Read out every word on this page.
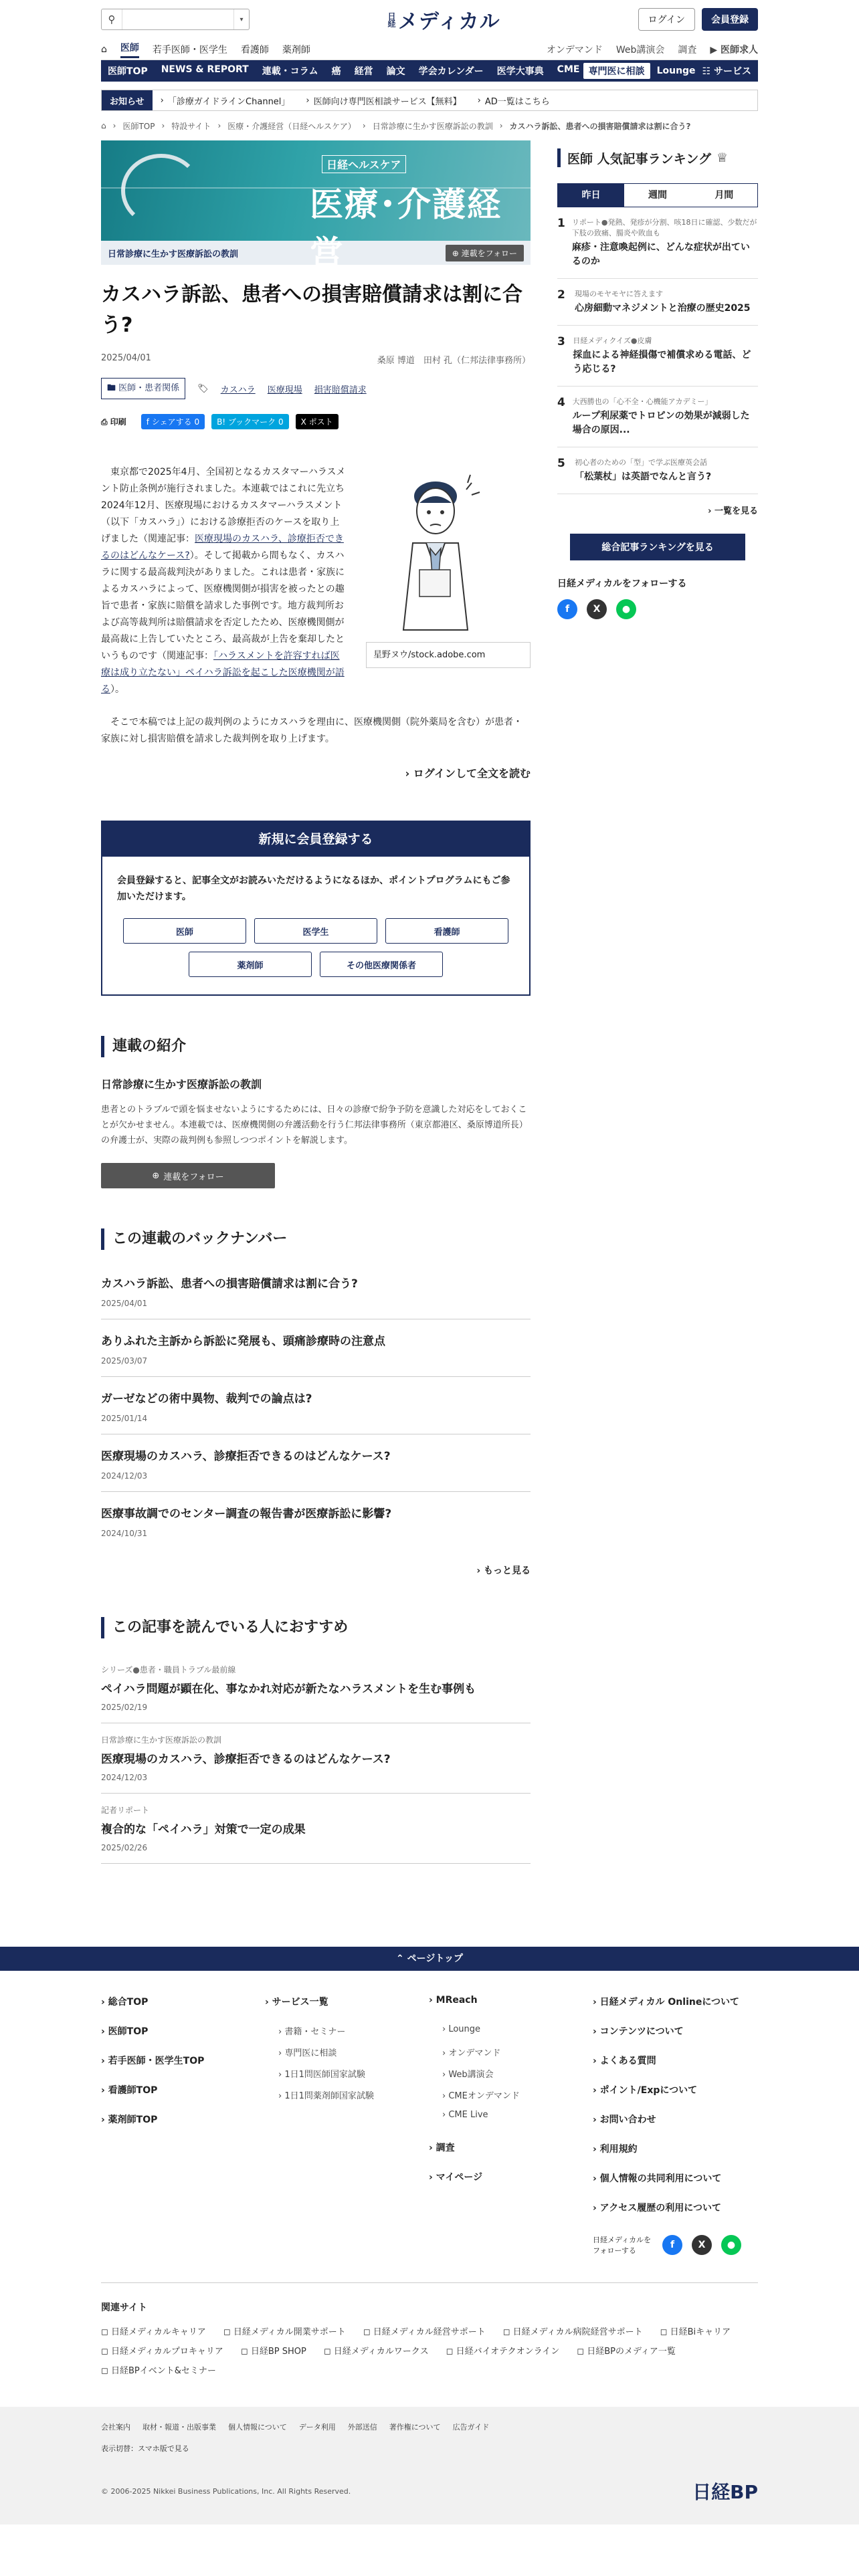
⚲	▾	日経 メディカル	ログイン	会員登録
⌂ 医師 若手医師・医学生 看護師 薬剤師	オンデマンド Web講演会 調査 ▶ 医師求人
医師TOP NEWS & REPORT 連載・コラム 癌 経営 論文 学会カレンダー 医学大事典 CME 専門医に相談	Lounge ☷ サービス
お知らせ	› 「診療ガイドラインChannel」	› 医師向け専門医相談サービス【無料】	› AD一覧はこちら
⌂ › 医師TOP › 特設サイト › 医療・介護経営（日経ヘルスケア） › 日常診療に生かす医療訴訟の教訓 › カスハラ訴訟、患者への損害賠償請求は割に合う?
日経ヘルスケア
医療･介護経営
日常診療に生かす医療訴訟の教訓	⊕ 連載をフォロー
カスハラ訴訟、患者への損害賠償請求は割に合う?
2025/04/01	桑原 博道　田村 孔（仁邦法律事務所）
🖿 医師・患者関係	🏷 カスハラ 医療現場 損害賠償請求
⎙ 印刷	f シェアする 0	B! ブックマーク 0	X ポスト
星野ヌウ/stock.adobe.com

東京都で2025年4月、全国初となるカスタマーハラスメント防止条例が施行されました。本連載ではこれに先立ち2024年12月、医療現場におけるカスタマーハラスメント（以下「カスハラ」）における診療拒否のケースを取り上げました（関連記事：医療現場のカスハラ、診療拒否できるのはどんなケース?）。そして掲載から間もなく、カスハラに関する最高裁判決がありました。これは患者・家族によるカスハラによって、医療機関側が損害を被ったとの趣旨で患者・家族に賠償を請求した事例です。地方裁判所および高等裁判所は賠償請求を否定したため、医療機関側が最高裁に上告していたところ、最高裁が上告を棄却したというものです（関連記事：「ハラスメントを許容すれば医療は成り立たない」ペイハラ訴訟を起こした医療機関が語る）。

そこで本稿では上記の裁判例のようにカスハラを理由に、医療機関側（院外薬局を含む）が患者・家族に対し損害賠償を請求した裁判例を取り上げます。

› ログインして全文を読む
新規に会員登録する
会員登録すると、記事全文がお読みいただけるようになるほか、ポイントプログラムにもご参加いただけます。
医師	医学生	看護師
薬剤師	その他医療関係者
連載の紹介
日常診療に生かす医療訴訟の教訓
患者とのトラブルで頭を悩ませないようにするためには、日々の診療で紛争予防を意識した対応をしておくことが欠かせません。本連載では、医療機関側の弁護活動を行う仁邦法律事務所（東京都港区、桑原博道所長）の弁護士が、実際の裁判例も参照しつつポイントを解説します。
⊕ 連載をフォロー
この連載のバックナンバー
カスハラ訴訟、患者への損害賠償請求は割に合う?
2025/04/01
ありふれた主訴から訴訟に発展も、頭痛診療時の注意点
2025/03/07
ガーゼなどの術中異物、裁判での論点は?
2025/01/14
医療現場のカスハラ、診療拒否できるのはどんなケース?
2024/12/03
医療事故調でのセンター調査の報告書が医療訴訟に影響?
2024/10/31
› もっと見る
この記事を読んでいる人におすすめ
シリーズ●患者・職員トラブル最前線
ペイハラ問題が顕在化、事なかれ対応が新たなハラスメントを生む事例も
2025/02/19
日常診療に生かす医療訴訟の教訓
医療現場のカスハラ、診療拒否できるのはどんなケース?
2024/12/03
記者リポート
複合的な「ペイハラ」対策で一定の成果
2025/02/26
医師 人気記事ランキング ♕
昨日	週間	月間
1 リポート●発熱、発疹が分割、咳18日に確認、少数だが下肢の致痛、腸炎や敗血も
麻疹・注意喚起例に、どんな症状が出ているのか
2	現場のモヤモヤに答えます
心房細動マネジメントと治療の歴史2025
3 日経メディクイズ●皮膚
採血による神経損傷で補償求める電話、どう応じる?
4 大西勝也の「心不全・心機能アカデミー」
ループ利尿薬でトロピンの効果が減弱した場合の原因...
5	初心者のための「型」で学ぶ医療英会話
「松葉杖」は英語でなんと言う?
› 一覧を見る
総合記事ランキングを見る
日経メディカルをフォローする
f	X	●
⌃ ページトップ
› 総合TOP
› 医師TOP
› 若手医師・医学生TOP
› 看護師TOP
› 薬剤師TOP
› サービス一覧
› 書籍・セミナー
› 専門医に相談
› 1日1問医師国家試験
› 1日1問薬剤師国家試験
› MReach
› Lounge
› オンデマンド
› Web講演会
› CMEオンデマンド
› CME Live
› 調査
› マイページ
› 日経メディカル Onlineについて
› コンテンツについて
› よくある質問
› ポイント/Expについて
› お問い合わせ
› 利用規約
› 個人情報の共同利用について
› アクセス履歴の利用について
日経メディカルをフォローする
f	X	●
関連サイト
◻ 日経メディカルキャリア ◻ 日経メディカル開業サポート ◻ 日経メディカル経営サポート ◻ 日経メディカル病院経営サポート ◻ 日経Biキャリア
◻ 日経メディカルプロキャリア ◻ 日経BP SHOP ◻ 日経メディカルワークス ◻ 日経バイオテクオンライン ◻ 日経BPのメディア一覧
◻ 日経BPイベント&セミナー
会社案内 取材・報道・出版事業 個人情報について データ利用 外部送信 著作権について 広告ガイド
表示切替：スマホ版で見る
© 2006-2025 Nikkei Business Publications, Inc. All Rights Reserved.	日経BP
